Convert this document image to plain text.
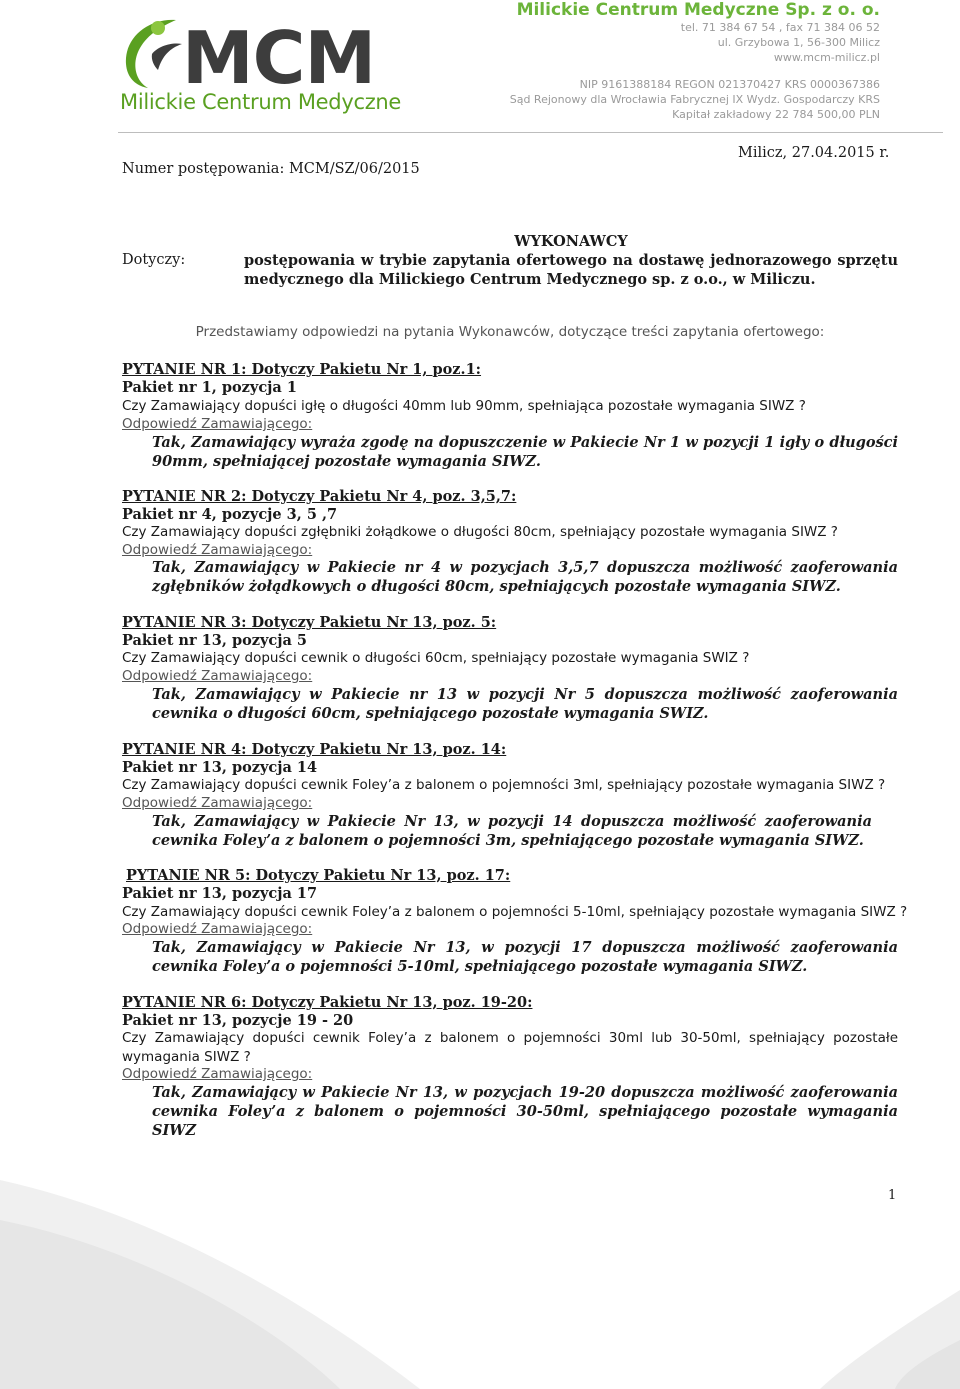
MCM
Milickie Centrum Medyczne
Milickie Centrum Medyczne Sp. z o. o.
tel. 71 384 67 54 , fax 71 384 06 52
ul. Grzybowa 1, 56-300 Milicz
www.mcm-milicz.pl
NIP 9161388184 REGON 021370427 KRS 0000367386
Sąd Rejonowy dla Wrocławia Fabrycznej IX Wydz. Gospodarczy KRS
Kapitał zakładowy 22 784 500,00 PLN
Numer postępowania: MCM/SZ/06/2015
Milicz, 27.04.2015 r.
WYKONAWCY
Dotyczy:	postępowania w trybie zapytania ofertowego na dostawę jednorazowego sprzętu medycznego dla Milickiego Centrum Medycznego sp. z o.o., w Miliczu.
Przedstawiamy odpowiedzi na pytania Wykonawców, dotyczące treści zapytania ofertowego:
PYTANIE NR 1: Dotyczy Pakietu Nr 1, poz.1:
Pakiet nr 1, pozycja 1
Czy Zamawiający dopuści igłę o długości 40mm lub 90mm, spełniająca pozostałe wymagania SIWZ ?
Odpowiedź Zamawiającego:
Tak, Zamawiający wyraża zgodę na dopuszczenie w Pakiecie Nr 1 w pozycji 1 igły o długości 90mm, spełniającej pozostałe wymagania SIWZ.
PYTANIE NR 2: Dotyczy Pakietu Nr 4, poz. 3,5,7:
Pakiet nr 4, pozycje 3, 5 ,7
Czy Zamawiający dopuści zgłębniki żołądkowe o długości 80cm, spełniający pozostałe wymagania SIWZ ?
Odpowiedź Zamawiającego:
Tak, Zamawiający w Pakiecie nr 4 w pozycjach 3,5,7 dopuszcza możliwość zaoferowania zgłębników żołądkowych o długości 80cm, spełniających pozostałe wymagania SIWZ.
PYTANIE NR 3: Dotyczy Pakietu Nr 13, poz. 5:
Pakiet nr 13, pozycja 5
Czy Zamawiający dopuści cewnik o długości 60cm, spełniający pozostałe wymagania SWIZ ?
Odpowiedź Zamawiającego:
Tak, Zamawiający w Pakiecie nr 13 w pozycji Nr 5 dopuszcza możliwość zaoferowania cewnika o długości 60cm, spełniającego pozostałe wymagania SWIZ.
PYTANIE NR 4: Dotyczy Pakietu Nr 13, poz. 14:
Pakiet nr 13, pozycja 14
Czy Zamawiający dopuści cewnik Foley’a z balonem o pojemności 3ml, spełniający pozostałe wymagania SIWZ ?
Odpowiedź Zamawiającego:
Tak, Zamawiający w Pakiecie Nr 13, w pozycji 14 dopuszcza możliwość zaoferowania cewnika Foley’a z balonem o pojemności 3m, spełniającego pozostałe wymagania SIWZ.
PYTANIE NR 5: Dotyczy Pakietu Nr 13, poz. 17:
Pakiet nr 13, pozycja 17
Czy Zamawiający dopuści cewnik Foley’a z balonem o pojemności 5-10ml, spełniający pozostałe wymagania SIWZ ?
Odpowiedź Zamawiającego:
Tak, Zamawiający w Pakiecie Nr 13, w pozycji 17 dopuszcza możliwość zaoferowania cewnika Foley’a o pojemności 5-10ml, spełniającego pozostałe wymagania SIWZ.
PYTANIE NR 6: Dotyczy Pakietu Nr 13, poz. 19-20:
Pakiet nr 13, pozycje 19 - 20
Czy Zamawiający dopuści cewnik Foley’a z balonem o pojemności 30ml lub 30-50ml, spełniający pozostałe wymagania SIWZ ?
Odpowiedź Zamawiającego:
Tak, Zamawiający w Pakiecie Nr 13, w pozycjach 19-20 dopuszcza możliwość zaoferowania cewnika Foley’a z balonem o pojemności 30-50ml, spełniającego pozostałe wymagania SIWZ
1
